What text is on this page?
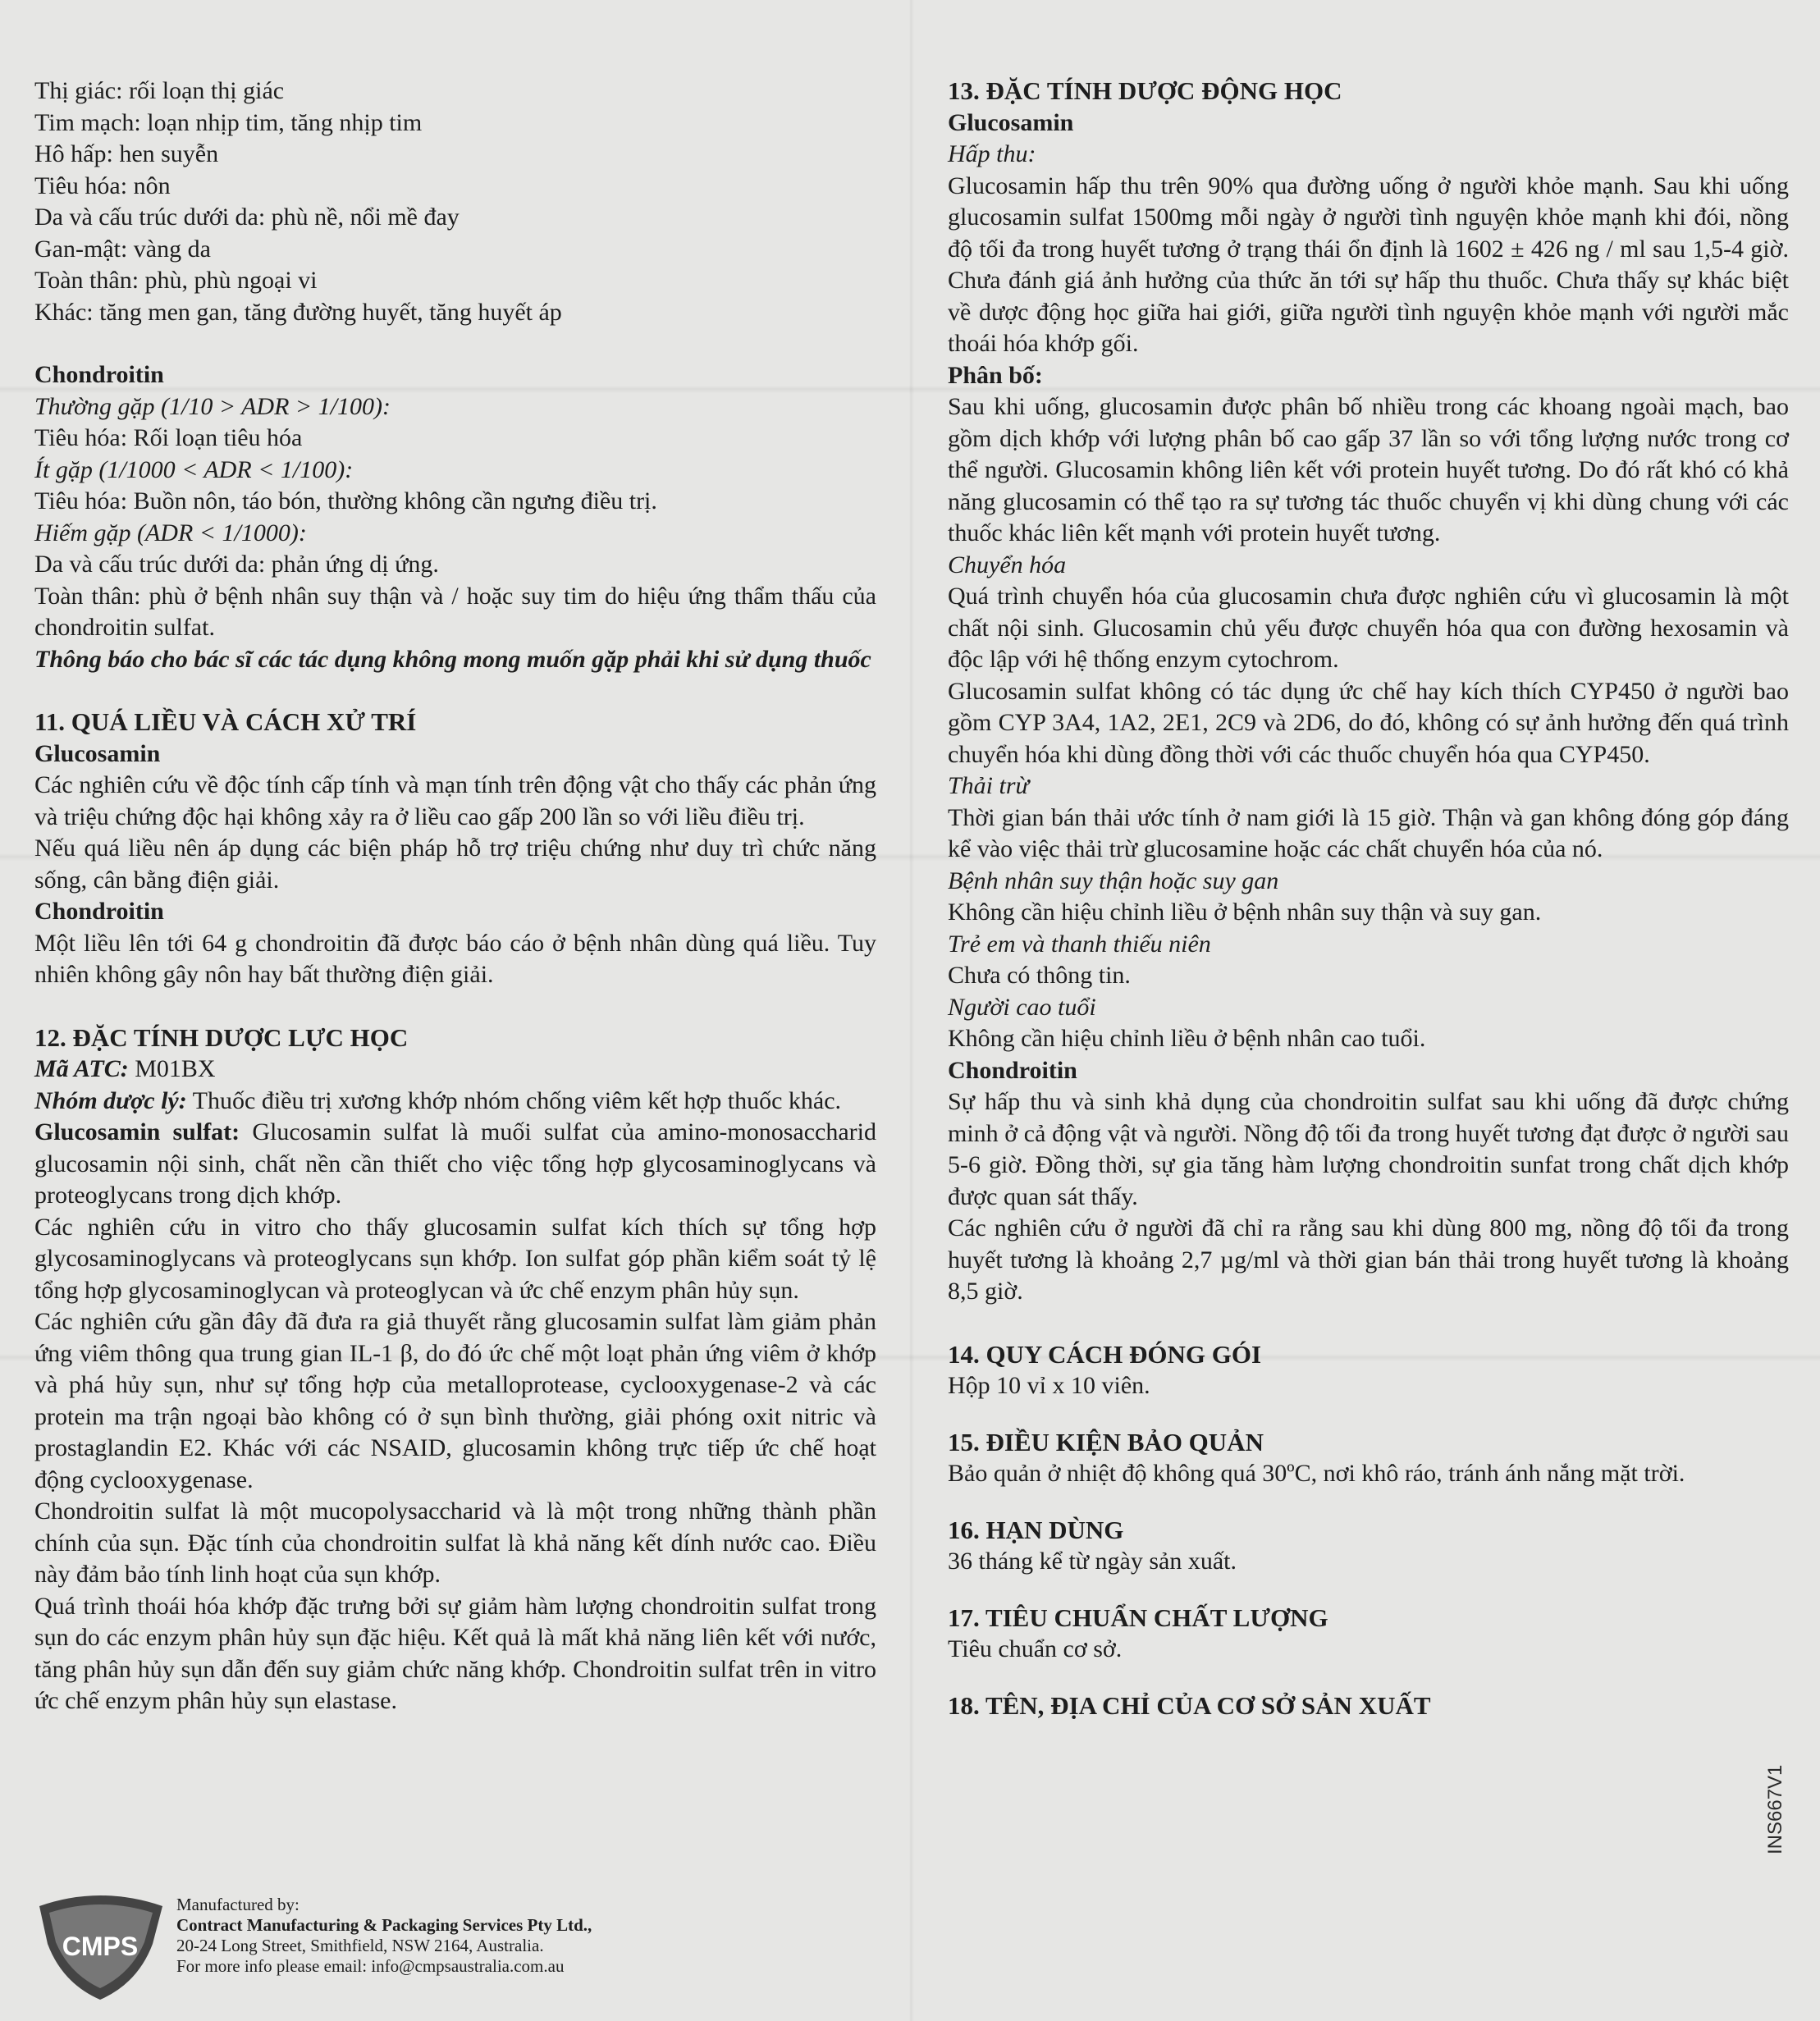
Thị giác: rối loạn thị giác

Tim mạch: loạn nhịp tim, tăng nhịp tim

Hô hấp: hen suyễn

Tiêu hóa: nôn

Da và cấu trúc dưới da: phù nề, nổi mề đay

Gan-mật: vàng da

Toàn thân: phù, phù ngoại vi

Khác: tăng men gan, tăng đường huyết, tăng huyết áp

Chondroitin

Thường gặp (1/10 > ADR > 1/100):

Tiêu hóa: Rối loạn tiêu hóa

Ít gặp (1/1000 < ADR < 1/100):

Tiêu hóa: Buồn nôn, táo bón, thường không cần ngưng điều trị.

Hiếm gặp (ADR < 1/1000):

Da và cấu trúc dưới da: phản ứng dị ứng.

Toàn thân: phù ở bệnh nhân suy thận và / hoặc suy tim do hiệu ứng thẩm thấu của chondroitin sulfat.

Thông báo cho bác sĩ các tác dụng không mong muốn gặp phải khi sử dụng thuốc

11. QUÁ LIỀU VÀ CÁCH XỬ TRÍ

Glucosamin

Các nghiên cứu về độc tính cấp tính và mạn tính trên động vật cho thấy các phản ứng và triệu chứng độc hại không xảy ra ở liều cao gấp 200 lần so với liều điều trị.

Nếu quá liều nên áp dụng các biện pháp hỗ trợ triệu chứng như duy trì chức năng sống, cân bằng điện giải.

Chondroitin

Một liều lên tới 64 g chondroitin đã được báo cáo ở bệnh nhân dùng quá liều. Tuy nhiên không gây nôn hay bất thường điện giải.

12. ĐẶC TÍNH DƯỢC LỰC HỌC

Mã ATC: M01BX

Nhóm dược lý: Thuốc điều trị xương khớp nhóm chống viêm kết hợp thuốc khác.

Glucosamin sulfat: Glucosamin sulfat là muối sulfat của amino-monosaccharid glucosamin nội sinh, chất nền cần thiết cho việc tổng hợp glycosaminoglycans và proteoglycans trong dịch khớp.

Các nghiên cứu in vitro cho thấy glucosamin sulfat kích thích sự tổng hợp glycosaminoglycans và proteoglycans sụn khớp. Ion sulfat góp phần kiểm soát tỷ lệ tổng hợp glycosaminoglycan và proteoglycan và ức chế enzym phân hủy sụn.

Các nghiên cứu gần đây đã đưa ra giả thuyết rằng glucosamin sulfat làm giảm phản ứng viêm thông qua trung gian IL-1 β, do đó ức chế một loạt phản ứng viêm ở khớp và phá hủy sụn, như sự tổng hợp của metalloprotease, cyclooxygenase-2 và các protein ma trận ngoại bào không có ở sụn bình thường, giải phóng oxit nitric và prostaglandin E2. Khác với các NSAID, glucosamin không trực tiếp ức chế hoạt động cyclooxygenase.

Chondroitin sulfat là một mucopolysaccharid và là một trong những thành phần chính của sụn. Đặc tính của chondroitin sulfat là khả năng kết dính nước cao. Điều này đảm bảo tính linh hoạt của sụn khớp.

Quá trình thoái hóa khớp đặc trưng bởi sự giảm hàm lượng chondroitin sulfat trong sụn do các enzym phân hủy sụn đặc hiệu. Kết quả là mất khả năng liên kết với nước, tăng phân hủy sụn dẫn đến suy giảm chức năng khớp. Chondroitin sulfat trên in vitro ức chế enzym phân hủy sụn elastase.

13. ĐẶC TÍNH DƯỢC ĐỘNG HỌC

Glucosamin

Hấp thu:

Glucosamin hấp thu trên 90% qua đường uống ở người khỏe mạnh. Sau khi uống glucosamin sulfat 1500mg mỗi ngày ở người tình nguyện khỏe mạnh khi đói, nồng độ tối đa trong huyết tương ở trạng thái ổn định là 1602 ± 426 ng / ml sau 1,5-4 giờ. Chưa đánh giá ảnh hưởng của thức ăn tới sự hấp thu thuốc. Chưa thấy sự khác biệt về dược động học giữa hai giới, giữa người tình nguyện khỏe mạnh với người mắc thoái hóa khớp gối.

Phân bố:

Sau khi uống, glucosamin được phân bố nhiều trong các khoang ngoài mạch, bao gồm dịch khớp với lượng phân bố cao gấp 37 lần so với tổng lượng nước trong cơ thể người. Glucosamin không liên kết với protein huyết tương. Do đó rất khó có khả năng glucosamin có thể tạo ra sự tương tác thuốc chuyển vị khi dùng chung với các thuốc khác liên kết mạnh với protein huyết tương.

Chuyển hóa

Quá trình chuyển hóa của glucosamin chưa được nghiên cứu vì glucosamin là một chất nội sinh. Glucosamin chủ yếu được chuyển hóa qua con đường hexosamin và độc lập với hệ thống enzym cytochrom.

Glucosamin sulfat không có tác dụng ức chế hay kích thích CYP450 ở người bao gồm CYP 3A4, 1A2, 2E1, 2C9 và 2D6, do đó, không có sự ảnh hưởng đến quá trình chuyển hóa khi dùng đồng thời với các thuốc chuyển hóa qua CYP450.

Thải trừ

Thời gian bán thải ước tính ở nam giới là 15 giờ. Thận và gan không đóng góp đáng kể vào việc thải trừ glucosamine hoặc các chất chuyển hóa của nó.

Bệnh nhân suy thận hoặc suy gan

Không cần hiệu chỉnh liều ở bệnh nhân suy thận và suy gan.

Trẻ em và thanh thiếu niên

Chưa có thông tin.

Người cao tuổi

Không cần hiệu chỉnh liều ở bệnh nhân cao tuổi.

Chondroitin

Sự hấp thu và sinh khả dụng của chondroitin sulfat sau khi uống đã được chứng minh ở cả động vật và người. Nồng độ tối đa trong huyết tương đạt được ở người sau 5-6 giờ. Đồng thời, sự gia tăng hàm lượng chondroitin sunfat trong chất dịch khớp được quan sát thấy.

Các nghiên cứu ở người đã chỉ ra rằng sau khi dùng 800 mg, nồng độ tối đa trong huyết tương là khoảng 2,7 µg/ml và thời gian bán thải trong huyết tương là khoảng 8,5 giờ.

14. QUY CÁCH ĐÓNG GÓI

Hộp 10 vỉ x 10 viên.

15. ĐIỀU KIỆN BẢO QUẢN

Bảo quản ở nhiệt độ không quá 30ºC, nơi khô ráo, tránh ánh nắng mặt trời.

16. HẠN DÙNG

36 tháng kể từ ngày sản xuất.

17. TIÊU CHUẨN CHẤT LƯỢNG

Tiêu chuẩn cơ sở.

18. TÊN, ĐỊA CHỈ CỦA CƠ SỞ SẢN XUẤT

CMPS

Manufactured by:

Contract Manufacturing & Packaging Services Pty Ltd.,

20-24 Long Street, Smithfield, NSW 2164, Australia.

For more info please email: info@cmpsaustralia.com.au

INS667V1
